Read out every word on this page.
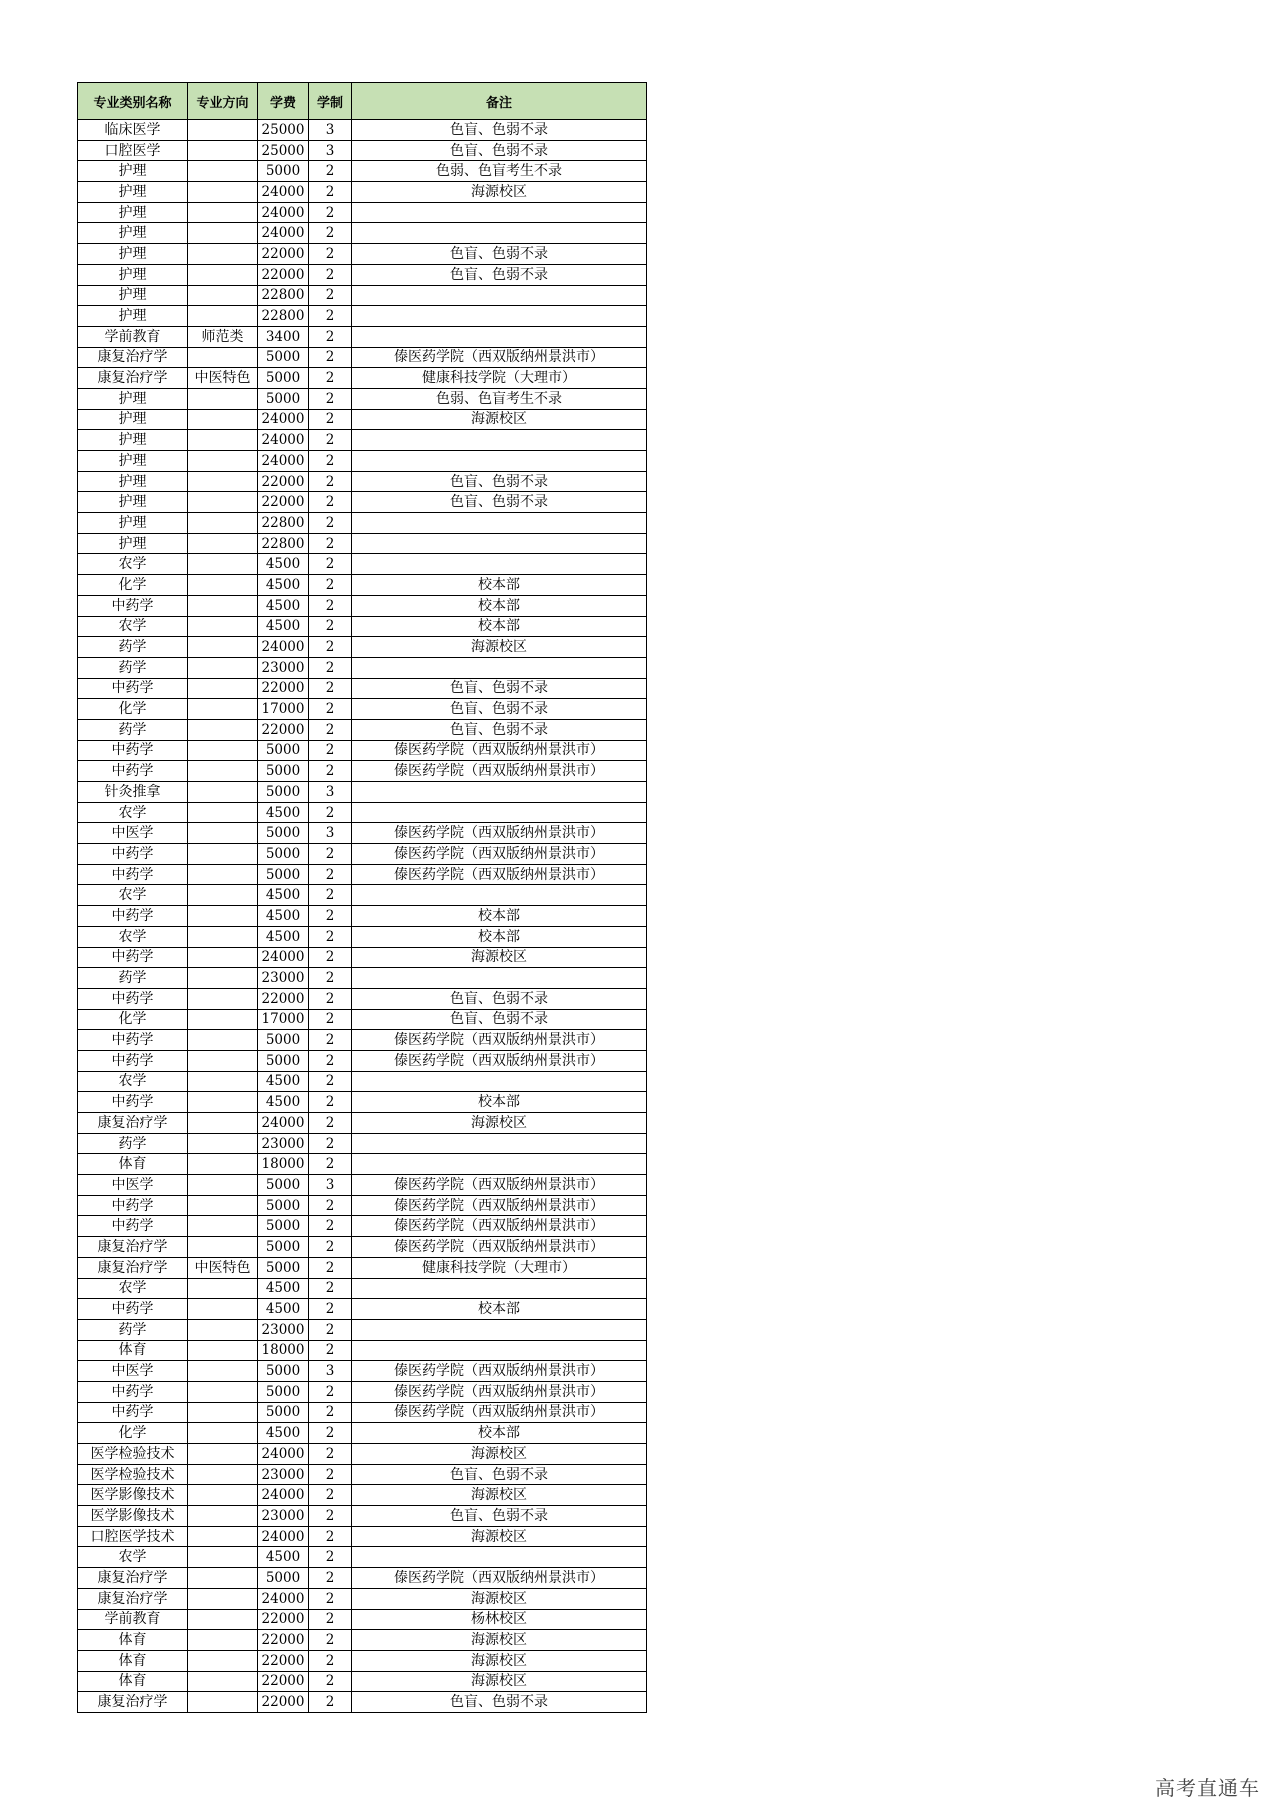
专业类别名称	专业方向	学费	学制	备注
临床医学		25000	3	色盲、色弱不录
口腔医学		25000	3	色盲、色弱不录
护理		5000	2	色弱、色盲考生不录
护理		24000	2	海源校区
护理		24000	2	
护理		24000	2	
护理		22000	2	色盲、色弱不录
护理		22000	2	色盲、色弱不录
护理		22800	2	
护理		22800	2	
学前教育	师范类	3400	2	
康复治疗学		5000	2	傣医药学院（西双版纳州景洪市）
康复治疗学	中医特色	5000	2	健康科技学院（大理市）
护理		5000	2	色弱、色盲考生不录
护理		24000	2	海源校区
护理		24000	2	
护理		24000	2	
护理		22000	2	色盲、色弱不录
护理		22000	2	色盲、色弱不录
护理		22800	2	
护理		22800	2	
农学		4500	2	
化学		4500	2	校本部
中药学		4500	2	校本部
农学		4500	2	校本部
药学		24000	2	海源校区
药学		23000	2	
中药学		22000	2	色盲、色弱不录
化学		17000	2	色盲、色弱不录
药学		22000	2	色盲、色弱不录
中药学		5000	2	傣医药学院（西双版纳州景洪市）
中药学		5000	2	傣医药学院（西双版纳州景洪市）
针灸推拿		5000	3	
农学		4500	2	
中医学		5000	3	傣医药学院（西双版纳州景洪市）
中药学		5000	2	傣医药学院（西双版纳州景洪市）
中药学		5000	2	傣医药学院（西双版纳州景洪市）
农学		4500	2	
中药学		4500	2	校本部
农学		4500	2	校本部
中药学		24000	2	海源校区
药学		23000	2	
中药学		22000	2	色盲、色弱不录
化学		17000	2	色盲、色弱不录
中药学		5000	2	傣医药学院（西双版纳州景洪市）
中药学		5000	2	傣医药学院（西双版纳州景洪市）
农学		4500	2	
中药学		4500	2	校本部
康复治疗学		24000	2	海源校区
药学		23000	2	
体育		18000	2	
中医学		5000	3	傣医药学院（西双版纳州景洪市）
中药学		5000	2	傣医药学院（西双版纳州景洪市）
中药学		5000	2	傣医药学院（西双版纳州景洪市）
康复治疗学		5000	2	傣医药学院（西双版纳州景洪市）
康复治疗学	中医特色	5000	2	健康科技学院（大理市）
农学		4500	2	
中药学		4500	2	校本部
药学		23000	2	
体育		18000	2	
中医学		5000	3	傣医药学院（西双版纳州景洪市）
中药学		5000	2	傣医药学院（西双版纳州景洪市）
中药学		5000	2	傣医药学院（西双版纳州景洪市）
化学		4500	2	校本部
医学检验技术		24000	2	海源校区
医学检验技术		23000	2	色盲、色弱不录
医学影像技术		24000	2	海源校区
医学影像技术		23000	2	色盲、色弱不录
口腔医学技术		24000	2	海源校区
农学		4500	2	
康复治疗学		5000	2	傣医药学院（西双版纳州景洪市）
康复治疗学		24000	2	海源校区
学前教育		22000	2	杨林校区
体育		22000	2	海源校区
体育		22000	2	海源校区
体育		22000	2	海源校区
康复治疗学		22000	2	色盲、色弱不录
高考直通车
